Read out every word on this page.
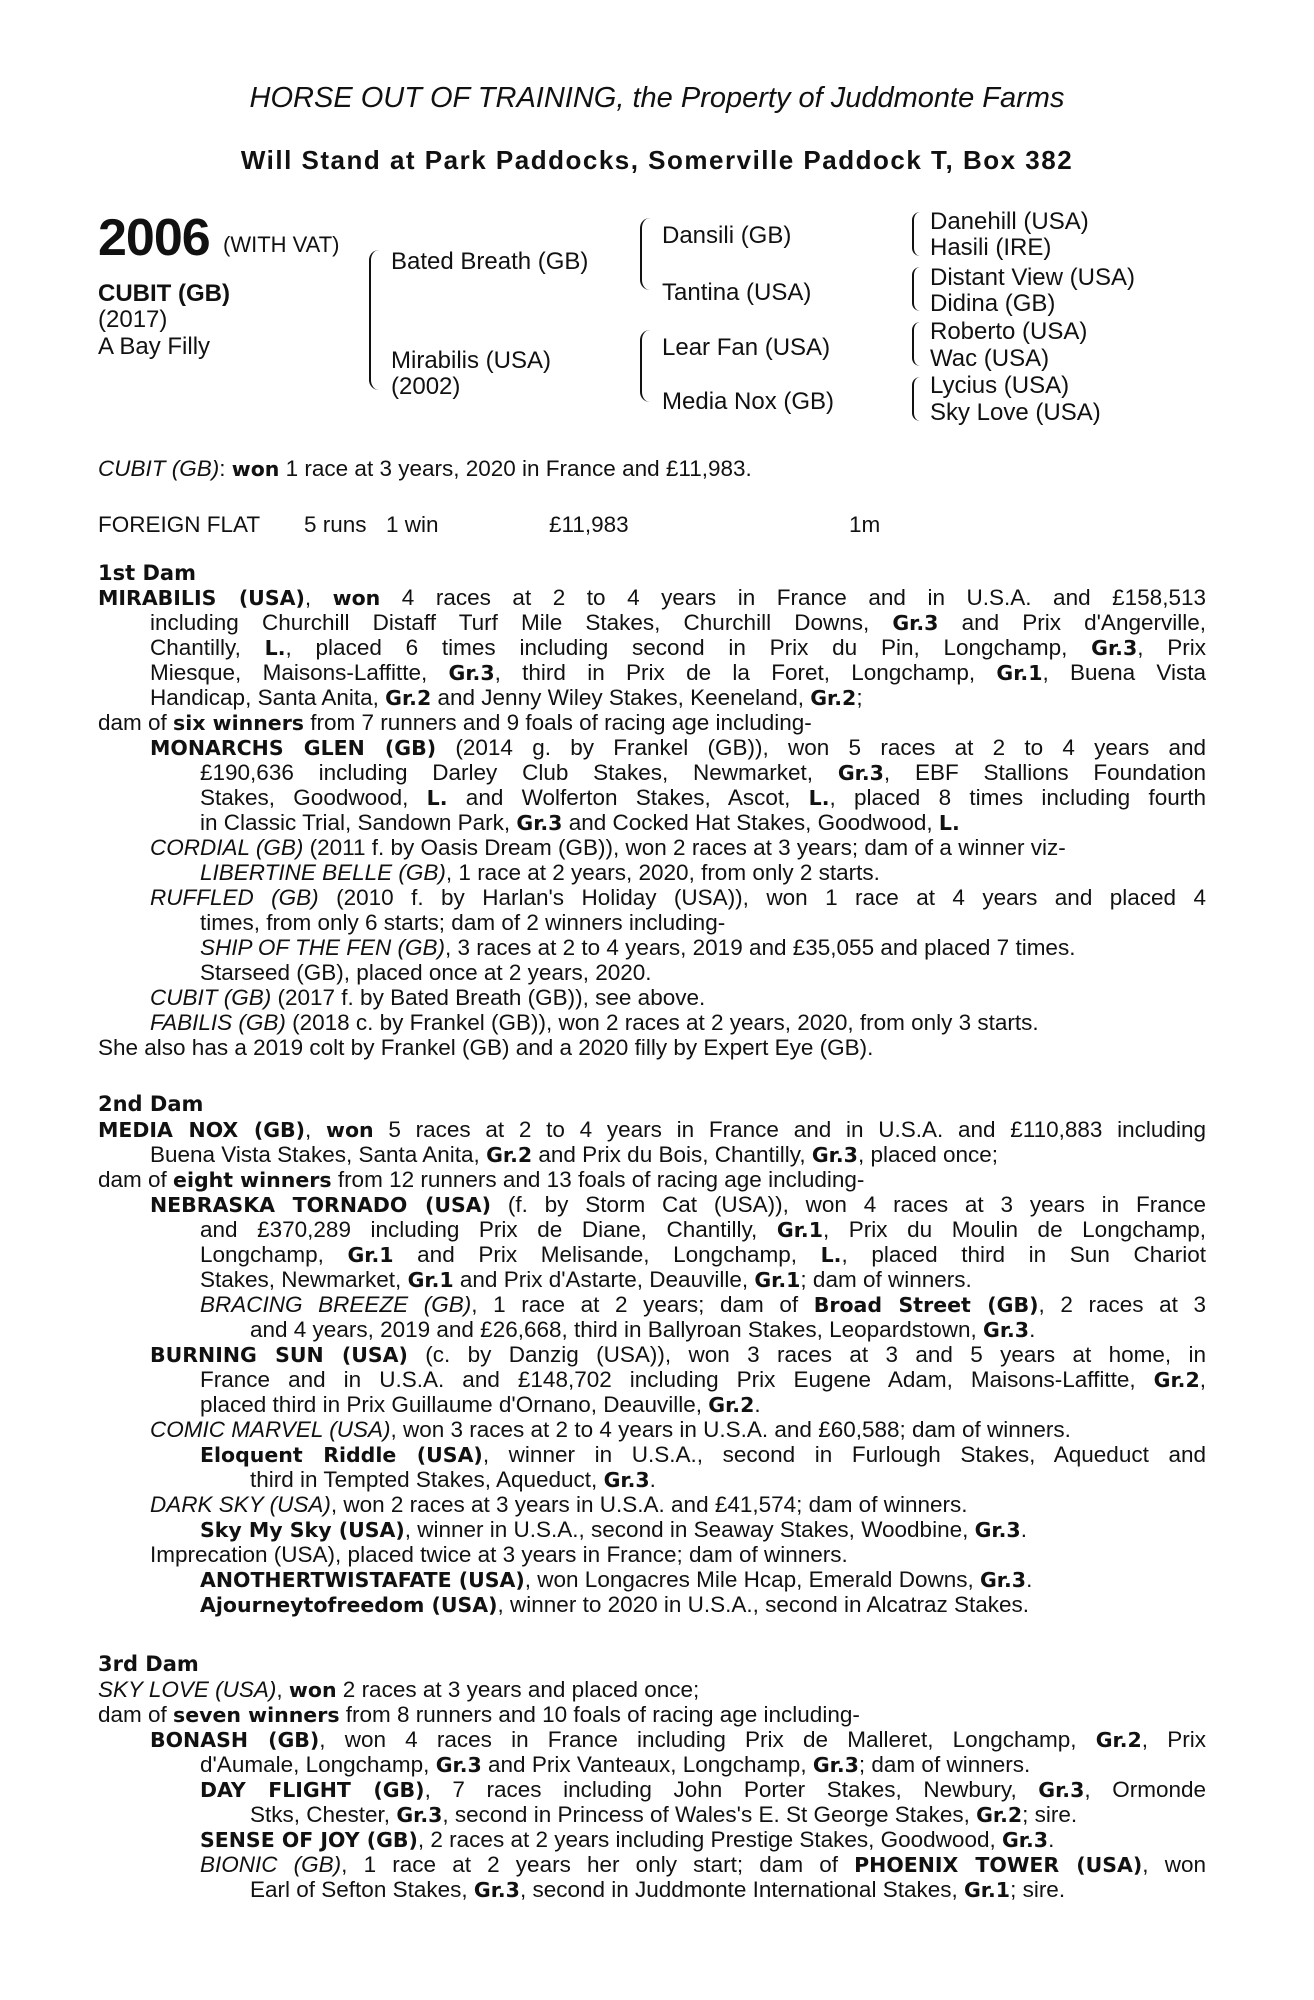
HORSE OUT OF TRAINING, the Property of Juddmonte Farms
Will Stand at Park Paddocks, Somerville Paddock T, Box 382
2006 (WITH VAT)
CUBIT (GB)
(2017)
A Bay Filly
Bated Breath (GB)
Mirabilis (USA)
(2002)
Dansili (GB)
Tantina (USA)
Lear Fan (USA)
Media Nox (GB)
Danehill (USA)
Hasili (IRE)
Distant View (USA)
Didina (GB)
Roberto (USA)
Wac (USA)
Lycius (USA)
Sky Love (USA)
CUBIT (GB): won 1 race at 3 years, 2020 in France and £11,983.
FOREIGN FLAT 5 runs 1 win	£11,983	1m
1st Dam
MIRABILIS (USA), won 4 races at 2 to 4 years in France and in U.S.A. and £158,513
including Churchill Distaff Turf Mile Stakes, Churchill Downs, Gr.3 and Prix d'Angerville,
Chantilly, L., placed 6 times including second in Prix du Pin, Longchamp, Gr.3, Prix
Miesque, Maisons-Laffitte, Gr.3, third in Prix de la Foret, Longchamp, Gr.1, Buena Vista
Handicap, Santa Anita, Gr.2 and Jenny Wiley Stakes, Keeneland, Gr.2;
dam of six winners from 7 runners and 9 foals of racing age including-
MONARCHS GLEN (GB) (2014 g. by Frankel (GB)), won 5 races at 2 to 4 years and
£190,636 including Darley Club Stakes, Newmarket, Gr.3, EBF Stallions Foundation
Stakes, Goodwood, L. and Wolferton Stakes, Ascot, L., placed 8 times including fourth
in Classic Trial, Sandown Park, Gr.3 and Cocked Hat Stakes, Goodwood, L.
CORDIAL (GB) (2011 f. by Oasis Dream (GB)), won 2 races at 3 years; dam of a winner viz-
LIBERTINE BELLE (GB), 1 race at 2 years, 2020, from only 2 starts.
RUFFLED (GB) (2010 f. by Harlan's Holiday (USA)), won 1 race at 4 years and placed 4
times, from only 6 starts; dam of 2 winners including-
SHIP OF THE FEN (GB), 3 races at 2 to 4 years, 2019 and £35,055 and placed 7 times.
Starseed (GB), placed once at 2 years, 2020.
CUBIT (GB) (2017 f. by Bated Breath (GB)), see above.
FABILIS (GB) (2018 c. by Frankel (GB)), won 2 races at 2 years, 2020, from only 3 starts.
She also has a 2019 colt by Frankel (GB) and a 2020 filly by Expert Eye (GB).
2nd Dam
MEDIA NOX (GB), won 5 races at 2 to 4 years in France and in U.S.A. and £110,883 including
Buena Vista Stakes, Santa Anita, Gr.2 and Prix du Bois, Chantilly, Gr.3, placed once;
dam of eight winners from 12 runners and 13 foals of racing age including-
NEBRASKA TORNADO (USA) (f. by Storm Cat (USA)), won 4 races at 3 years in France
and £370,289 including Prix de Diane, Chantilly, Gr.1, Prix du Moulin de Longchamp,
Longchamp, Gr.1 and Prix Melisande, Longchamp, L., placed third in Sun Chariot
Stakes, Newmarket, Gr.1 and Prix d'Astarte, Deauville, Gr.1; dam of winners.
BRACING BREEZE (GB), 1 race at 2 years; dam of Broad Street (GB), 2 races at 3
and 4 years, 2019 and £26,668, third in Ballyroan Stakes, Leopardstown, Gr.3.
BURNING SUN (USA) (c. by Danzig (USA)), won 3 races at 3 and 5 years at home, in
France and in U.S.A. and £148,702 including Prix Eugene Adam, Maisons-Laffitte, Gr.2,
placed third in Prix Guillaume d'Ornano, Deauville, Gr.2.
COMIC MARVEL (USA), won 3 races at 2 to 4 years in U.S.A. and £60,588; dam of winners.
Eloquent Riddle (USA), winner in U.S.A., second in Furlough Stakes, Aqueduct and
third in Tempted Stakes, Aqueduct, Gr.3.
DARK SKY (USA), won 2 races at 3 years in U.S.A. and £41,574; dam of winners.
Sky My Sky (USA), winner in U.S.A., second in Seaway Stakes, Woodbine, Gr.3.
Imprecation (USA), placed twice at 3 years in France; dam of winners.
ANOTHERTWISTAFATE (USA), won Longacres Mile Hcap, Emerald Downs, Gr.3.
Ajourneytofreedom (USA), winner to 2020 in U.S.A., second in Alcatraz Stakes.
3rd Dam
SKY LOVE (USA), won 2 races at 3 years and placed once;
dam of seven winners from 8 runners and 10 foals of racing age including-
BONASH (GB), won 4 races in France including Prix de Malleret, Longchamp, Gr.2, Prix
d'Aumale, Longchamp, Gr.3 and Prix Vanteaux, Longchamp, Gr.3; dam of winners.
DAY FLIGHT (GB), 7 races including John Porter Stakes, Newbury, Gr.3, Ormonde
Stks, Chester, Gr.3, second in Princess of Wales's E. St George Stakes, Gr.2; sire.
SENSE OF JOY (GB), 2 races at 2 years including Prestige Stakes, Goodwood, Gr.3.
BIONIC (GB), 1 race at 2 years her only start; dam of PHOENIX TOWER (USA), won
Earl of Sefton Stakes, Gr.3, second in Juddmonte International Stakes, Gr.1; sire.
